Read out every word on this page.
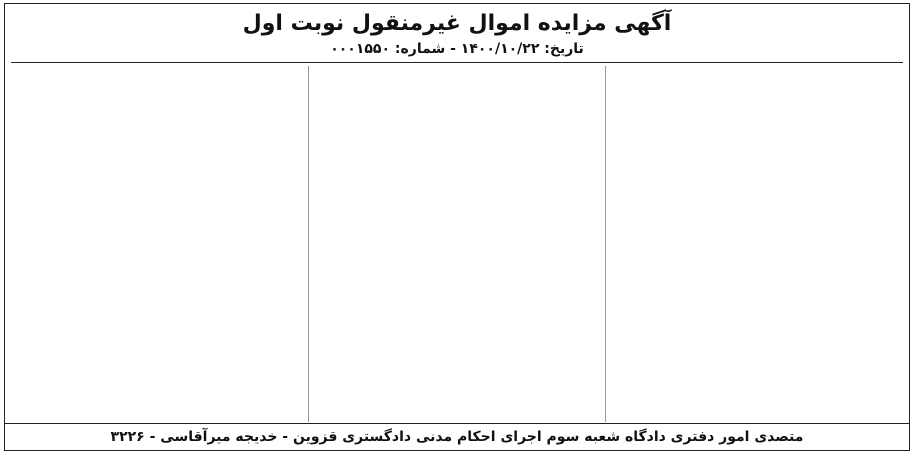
آگهی مزایده اموال غیرمنقول نوبت اول
تاریخ: ۱۴۰۰/۱۰/۲۲ - شماره: ۰۰۰۱۵۵۰

متصدی امور دفتری دادگاه شعبه سوم اجرای احکام مدنی دادگستری قزوین - خدیجه میرآقاسی - ۳۲۲۶
